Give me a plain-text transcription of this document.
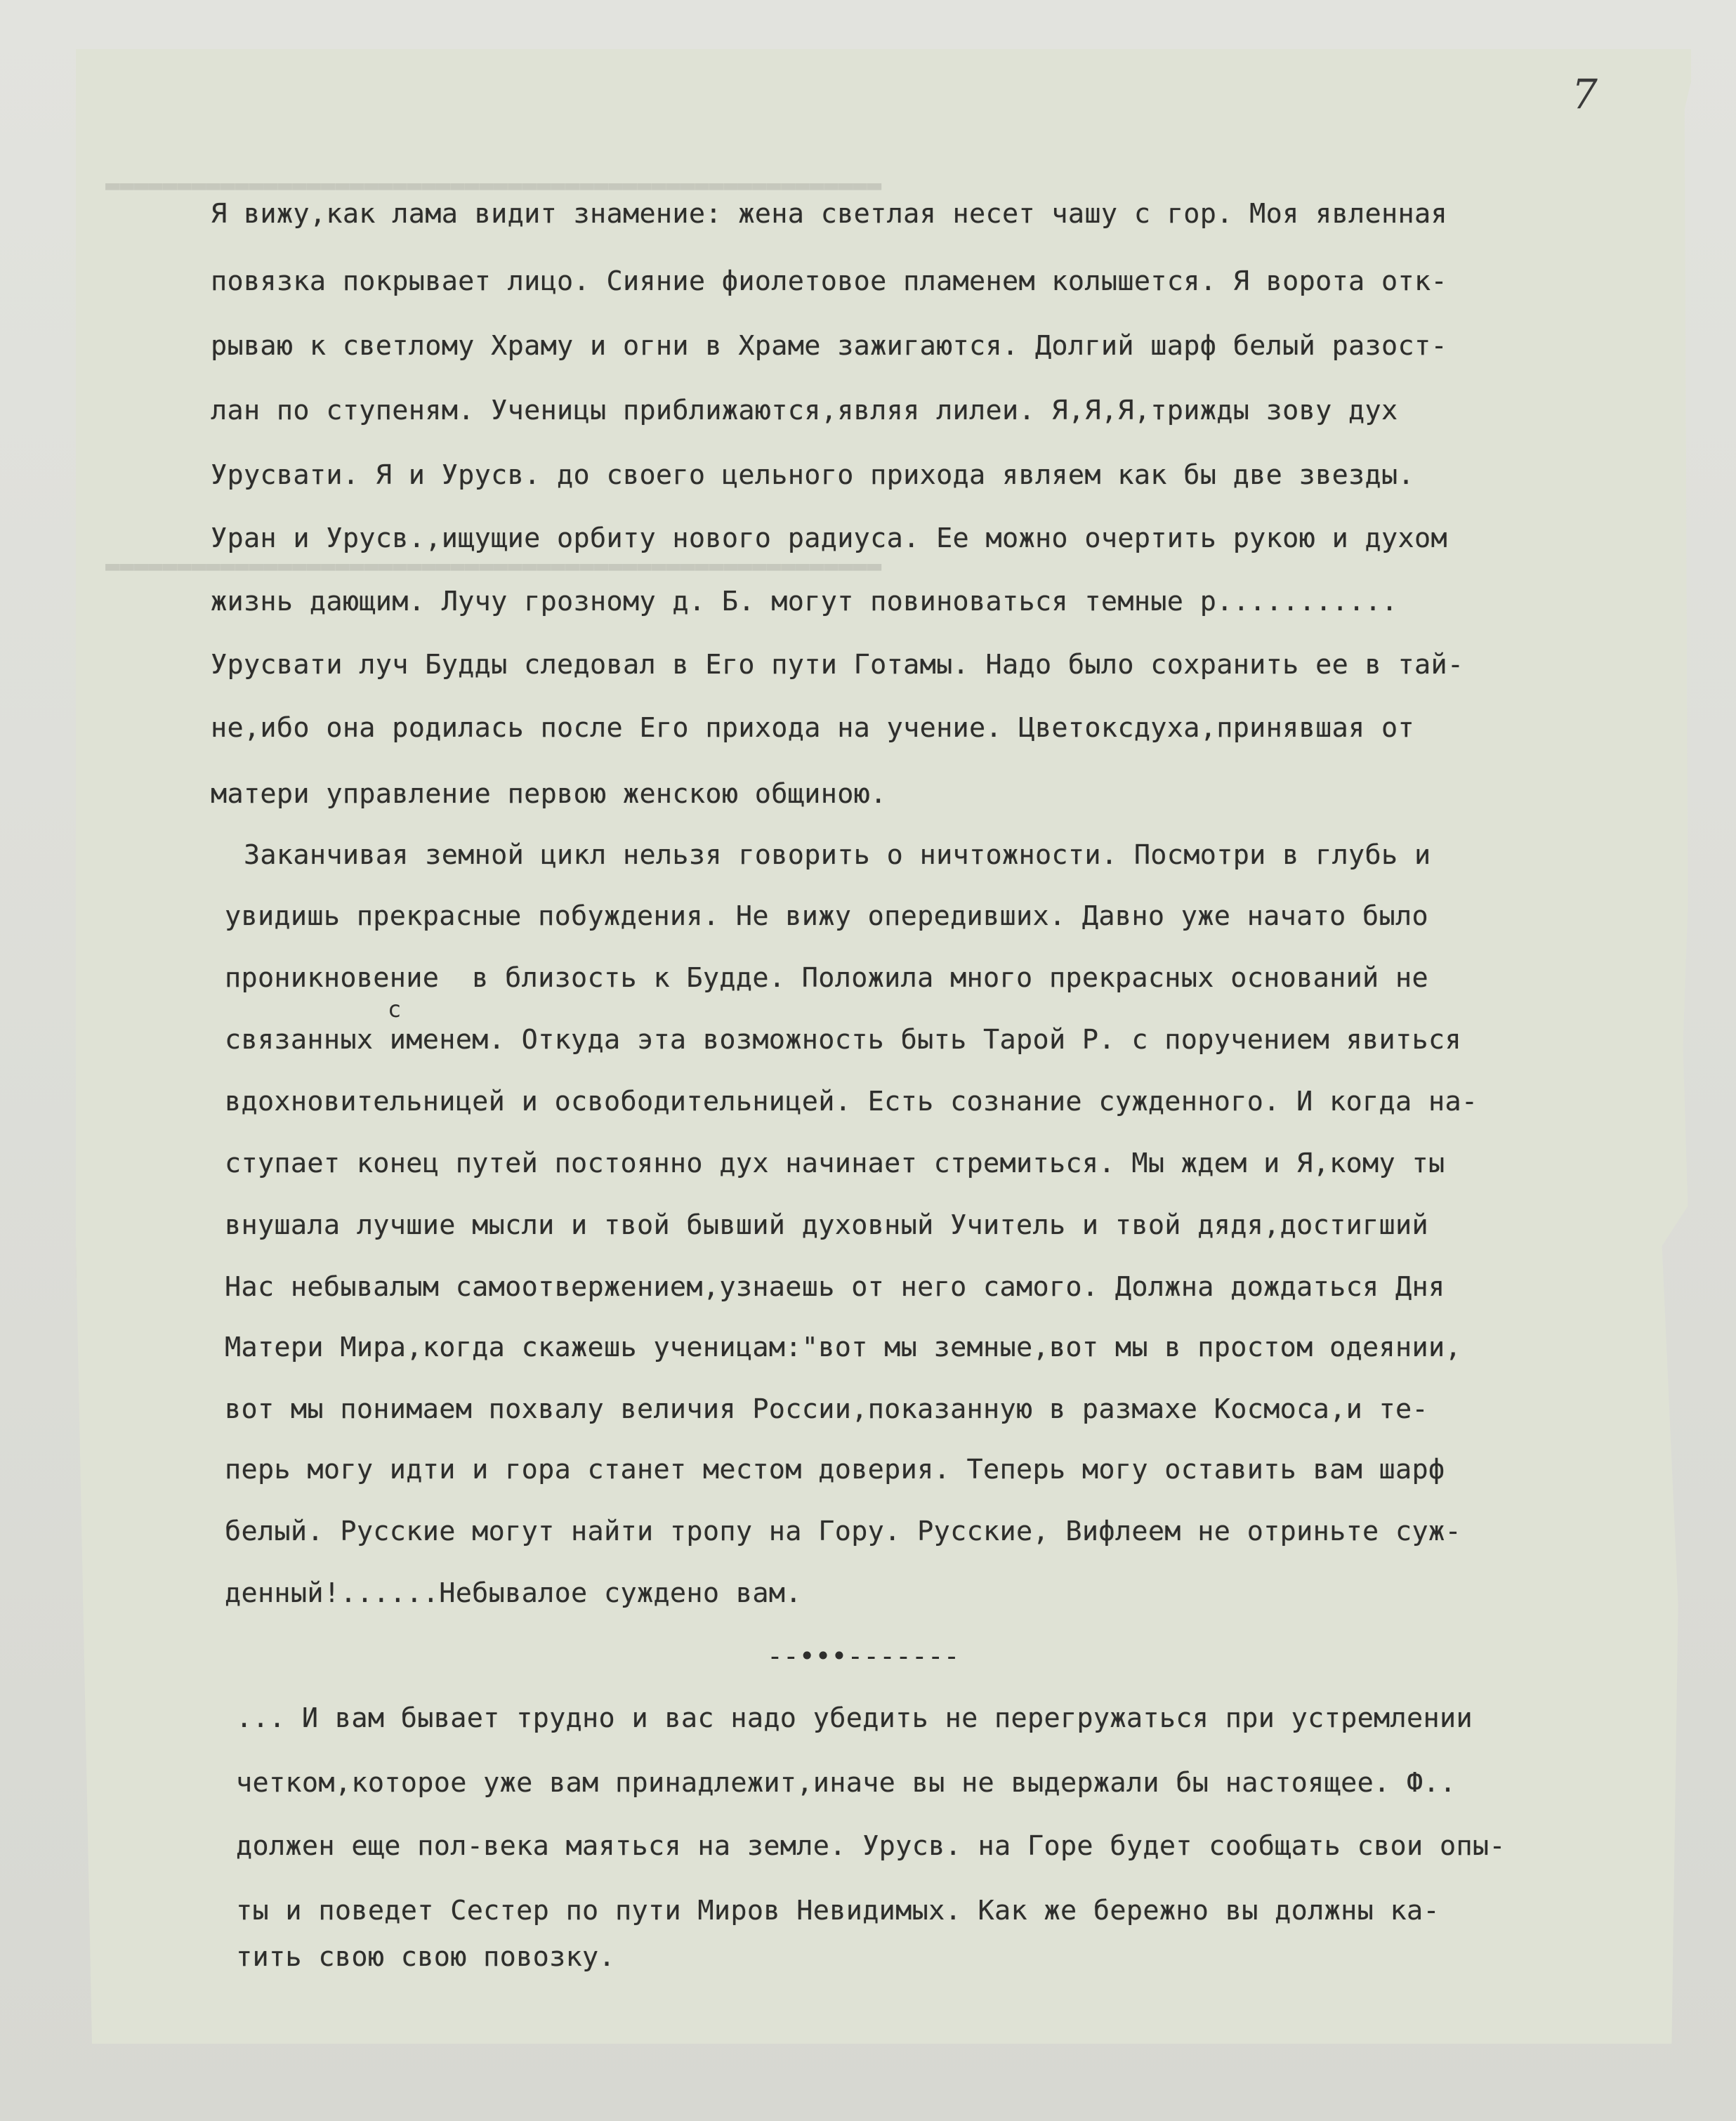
7
▬▬▬▬▬▬▬▬▬▬▬▬▬▬▬▬▬▬▬▬▬▬▬▬▬▬▬▬▬▬▬▬▬▬▬▬▬▬▬▬▬▬▬▬▬▬▬▬▬▬▬▬▬▬
▬▬▬▬▬▬▬▬▬▬▬▬▬▬▬▬▬▬▬▬▬▬▬▬▬▬▬▬▬▬▬▬▬▬▬▬▬▬▬▬▬▬▬▬▬▬▬▬▬▬▬▬▬▬
Я вижу,как лама видит знамение: жена светлая несет чашу с гор. Моя явленная
повязка покрывает лицо. Сияние фиолетовое пламенем колышется. Я ворота отк-
рываю к светлому Храму и огни в Храме зажигаются. Долгий шарф белый разост-
лан по ступеням. Ученицы приближаются,являя лилеи. Я,Я,Я,трижды зову дух
Урусвати. Я и Урусв. до своего цельного прихода являем как бы две звезды.
Уран и Урусв.,ищущие орбиту нового радиуса. Ее можно очертить рукою и духом
жизнь дающим. Лучу грозному д. Б. могут повиноваться темные р...........
Урусвати луч Будды следовал в Его пути Готамы. Надо было сохранить ее в тай-
не,ибо она родилась после Его прихода на учение. Цветоксдуха,принявшая от
матери управление первою женскою общиною.
Заканчивая земной цикл нельзя говорить о ничтожности. Посмотри в глубь и
увидишь прекрасные побуждения. Не вижу опередивших. Давно уже начато было
проникновение  в близость к Будде. Положила много прекрасных оснований не
с
связанных именем. Откуда эта возможность быть Тарой Р. с поручением явиться
вдохновительницей и освободительницей. Есть сознание сужденного. И когда на-
ступает конец путей постоянно дух начинает стремиться. Мы ждем и Я,кому ты
внушала лучшие мысли и твой бывший духовный Учитель и твой дядя,достигший
Нас небывалым самоотвержением,узнаешь от него самого. Должна дождаться Дня
Матери Мира,когда скажешь ученицам:"вот мы земные,вот мы в простом одеянии,
вот мы понимаем похвалу величия России,показанную в размахе Космоса,и те-
перь могу идти и гора станет местом доверия. Теперь могу оставить вам шарф
белый. Русские могут найти тропу на Гору. Русские, Вифлеем не отриньте суж-
денный!......Небывалое суждено вам.
--•••-------
... И вам бывает трудно и вас надо убедить не перегружаться при устремлении
четком,которое уже вам принадлежит,иначе вы не выдержали бы настоящее. Ф..
должен еще пол-века маяться на земле. Урусв. на Горе будет сообщать свои опы-
ты и поведет Сестер по пути Миров Невидимых. Как же бережно вы должны ка-
тить свою свою повозку.
